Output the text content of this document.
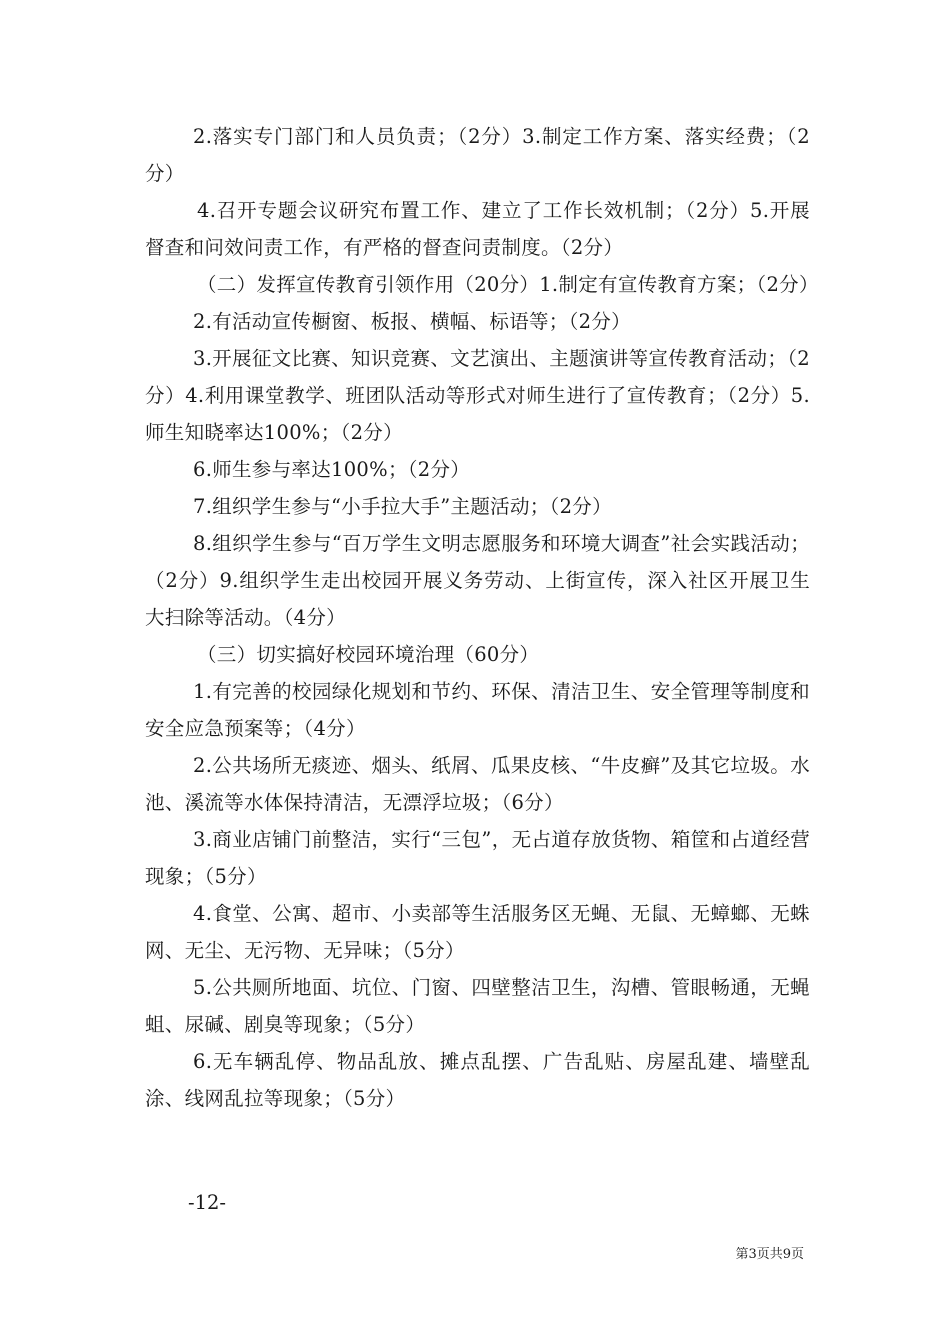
2.落实专门部门和人员负责；（2分）3.制定工作方案、落实经费；（2分）

4.召开专题会议研究布置工作、建立了工作长效机制；（2分）5.开展督查和问效问责工作，有严格的督查问责制度。（2分）

（二）发挥宣传教育引领作用（20分）1.制定有宣传教育方案；（2分）

2.有活动宣传橱窗、板报、横幅、标语等；（2分）

3.开展征文比赛、知识竞赛、文艺演出、主题演讲等宣传教育活动；（2分）4.利用课堂教学、班团队活动等形式对师生进行了宣传教育；（2分）5.师生知晓率达100%；（2分）

6.师生参与率达100%；（2分）

7.组织学生参与“小手拉大手”主题活动；（2分）

8.组织学生参与“百万学生文明志愿服务和环境大调查”社会实践活动；（2分）9.组织学生走出校园开展义务劳动、上街宣传，深入社区开展卫生大扫除等活动。（4分）

（三）切实搞好校园环境治理（60分）

1.有完善的校园绿化规划和节约、环保、清洁卫生、安全管理等制度和安全应急预案等；（4分）

2.公共场所无痰迹、烟头、纸屑、瓜果皮核、“牛皮癣”及其它垃圾。水池、溪流等水体保持清洁，无漂浮垃圾；（6分）

3.商业店铺门前整洁，实行“三包”，无占道存放货物、箱筐和占道经营现象；（5分）

4.食堂、公寓、超市、小卖部等生活服务区无蝇、无鼠、无蟑螂、无蛛网、无尘、无污物、无异味；（5分）

5.公共厕所地面、坑位、门窗、四壁整洁卫生，沟槽、管眼畅通，无蝇蛆、尿碱、剧臭等现象；（5分）

6.无车辆乱停、物品乱放、摊点乱摆、广告乱贴、房屋乱建、墙壁乱涂、线网乱拉等现象；（5分）

-12-
第3页共9页
